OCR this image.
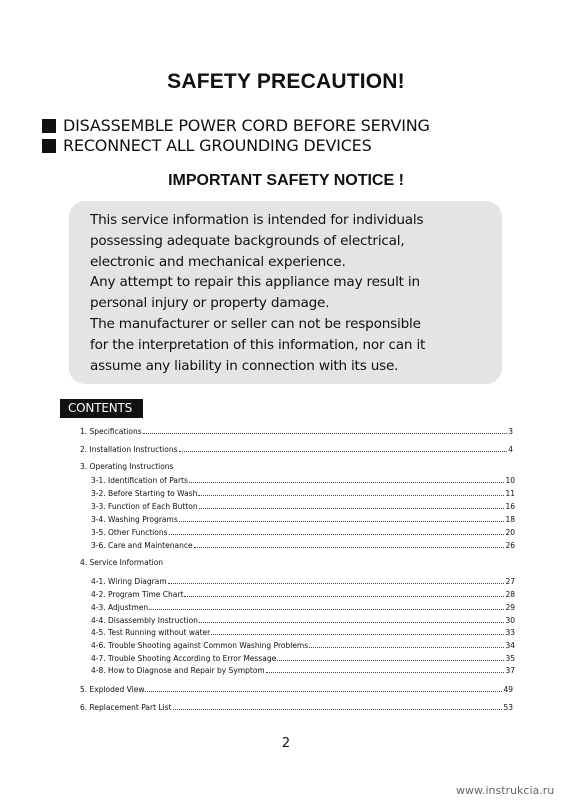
SAFETY PRECAUTION!
DISASSEMBLE POWER CORD BEFORE SERVING
RECONNECT ALL GROUNDING DEVICES
IMPORTANT SAFETY NOTICE !
This service information is intended for individuals
possessing adequate backgrounds of electrical,
electronic and mechanical experience.
Any attempt to repair this appliance may result in
personal injury or property damage.
The manufacturer or seller can not be responsible
for the interpretation of this information, nor can it
assume any liability in connection with its use.
CONTENTS
1. Specifications	3
2. Installation Instructions	4
3. Operating Instructions
3-1. Identification of Parts	10
3-2. Before Starting to Wash	11
3-3. Function of Each Button	16
3-4. Washing Programs	18
3-5. Other Functions	20
3-6. Care and Maintenance	26
4. Service Information
4-1. Wiring Diagram	27
4-2. Program Time Chart	28
4-3. Adjustmen	29
4-4. Disassembly Instruction	30
4-5. Test Running without water	33
4-6. Trouble Shooting against Common Washing Problems	34
4-7. Trouble Shooting According to Error Message	35
4-8. How to Diagnose and Repair by Symptom	37
5. Exploded View	49
6. Replacement Part List	53
2
www.instrukcia.ru
